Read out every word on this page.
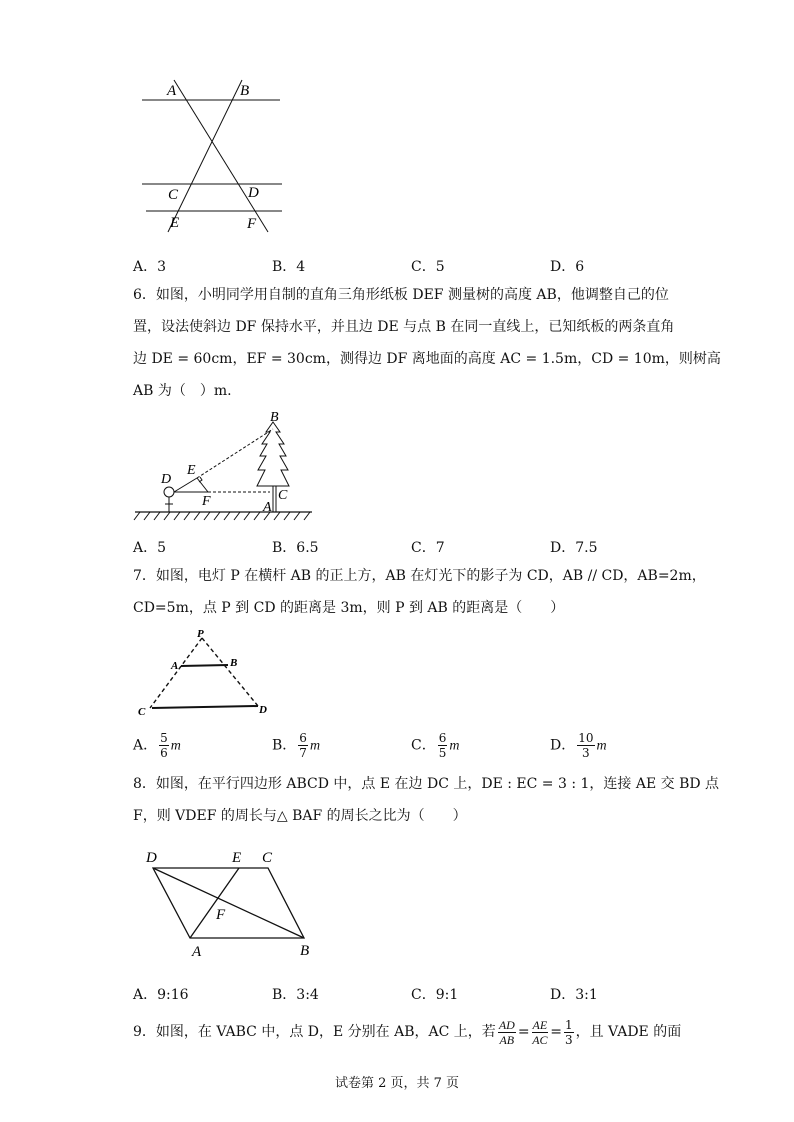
A	B
C	D
E	F
A．3	B．4	C．5	D．6
6．如图，小明同学用自制的直角三角形纸板 DEF 测量树的高度 AB，他调整自己的位
置，设法使斜边 DF 保持水平，并且边 DE 与点 B 在同一直线上，已知纸板的两条直角
边 DE = 60cm，EF = 30cm，测得边 DF 离地面的高度 AC = 1.5m，CD = 10m，则树高
AB 为（　）m.
B
C
A
D
E
F
A．5	B．6.5	C．7	D．7.5
7．如图，电灯 P 在横杆 AB 的正上方，AB 在灯光下的影子为 CD，AB // CD，AB=2m，
CD=5m，点 P 到 CD 的距离是 3m，则 P 到 AB 的距离是（　　）
P
A	B
C	D
A． $\frac{5}{6}$ m	B． $\frac{6}{7}$ m	C． $\frac{6}{5}$ m	D． $\frac{10}{3}$ m
8．如图，在平行四边形 ABCD 中，点 E 在边 DC 上，DE : EC = 3 : 1，连接 AE 交 BD 点
F，则 VDEF 的周长与△ BAF 的周长之比为（　　）
D	E C
F
A	B
A．9:16	B．3:4	C．9:1	D．3:1
9．如图，在 VABC 中，点 D，E 分别在 AB，AC 上，若 $\frac{AD}{AB} = \frac{AE}{AC} = \frac{1}{3}$ ，且 VADE 的面
试卷第 2 页，共 7 页
